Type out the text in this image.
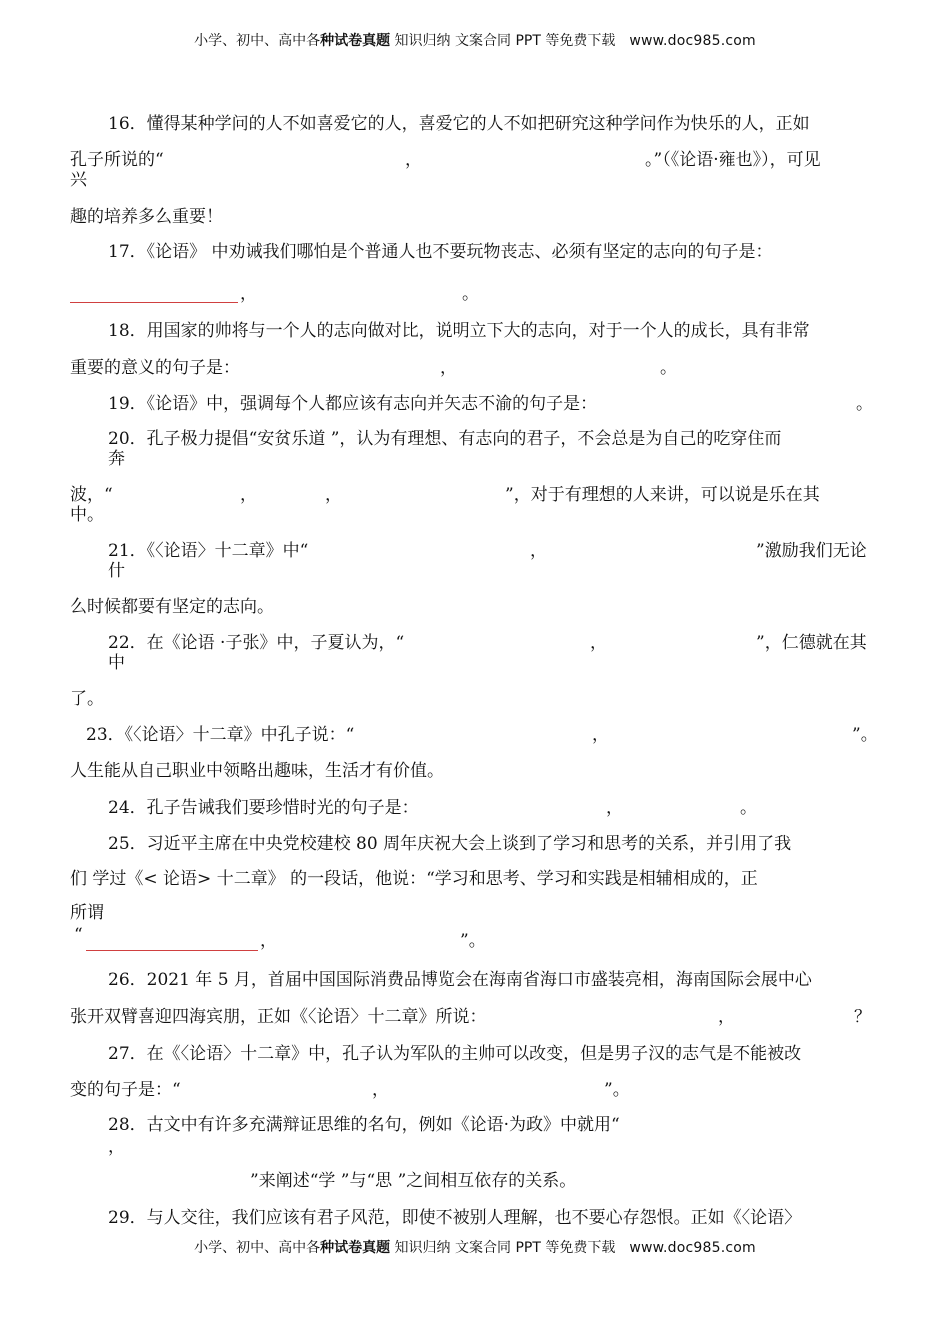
小学、初中、高中各种试卷真题 知识归纳 文案合同 PPT 等免费下载 www.doc985.com
16．懂得某种学问的人不如喜爱它的人，喜爱它的人不如把研究这种学问作为快乐的人，正如
孔子所说的“	，	。”（《论语·雍也》），可见
兴
趣的培养多么重要！
17．《论语》 中劝诫我们哪怕是个普通人也不要玩物丧志、必须有坚定的志向的句子是：
，	。
18．用国家的帅将与一个人的志向做对比，说明立下大的志向，对于一个人的成长，具有非常
重要的意义的句子是：	，	。
19．《论语》中，强调每个人都应该有志向并矢志不渝的句子是：	。
20．孔子极力提倡“安贫乐道 ”，认为有理想、有志向的君子，不会总是为自己的吃穿住而
奔
波，“	，	，	”，对于有理想的人来讲，可以说是乐在其
中。
21．《〈论语〉十二章》中“	，	”激励我们无论
什
么时候都要有坚定的志向。
22．在《论语 ·子张》中，子夏认为，“	，	”，仁德就在其
中
了。
23．《〈论语〉十二章》中孔子说：“	，	”。
人生能从自己职业中领略出趣味，生活才有价值。
24．孔子告诫我们要珍惜时光的句子是：	，	。
25．习近平主席在中央党校建校 80 周年庆祝大会上谈到了学习和思考的关系，并引用了我
们 学过《< 论语> 十二章》 的一段话，他说：“学习和思考、学习和实践是相辅相成的，正
所谓
“	，	”。
26．2021 年 5 月，首届中国国际消费品博览会在海南省海口市盛装亮相，海南国际会展中心
张开双臂喜迎四海宾朋，正如《〈论语〉十二章》所说：	，	？
27．在《〈论语〉十二章》中，孔子认为军队的主帅可以改变，但是男子汉的志气是不能被改
变的句子是：“	，	”。
28．古文中有许多充满辩证思维的名句，例如《论语·为政》中就用“
，
”来阐述“学 ”与“思 ”之间相互依存的关系。
29．与人交往，我们应该有君子风范，即使不被别人理解，也不要心存怨恨。正如《〈论语〉
小学、初中、高中各种试卷真题 知识归纳 文案合同 PPT 等免费下载 www.doc985.com
